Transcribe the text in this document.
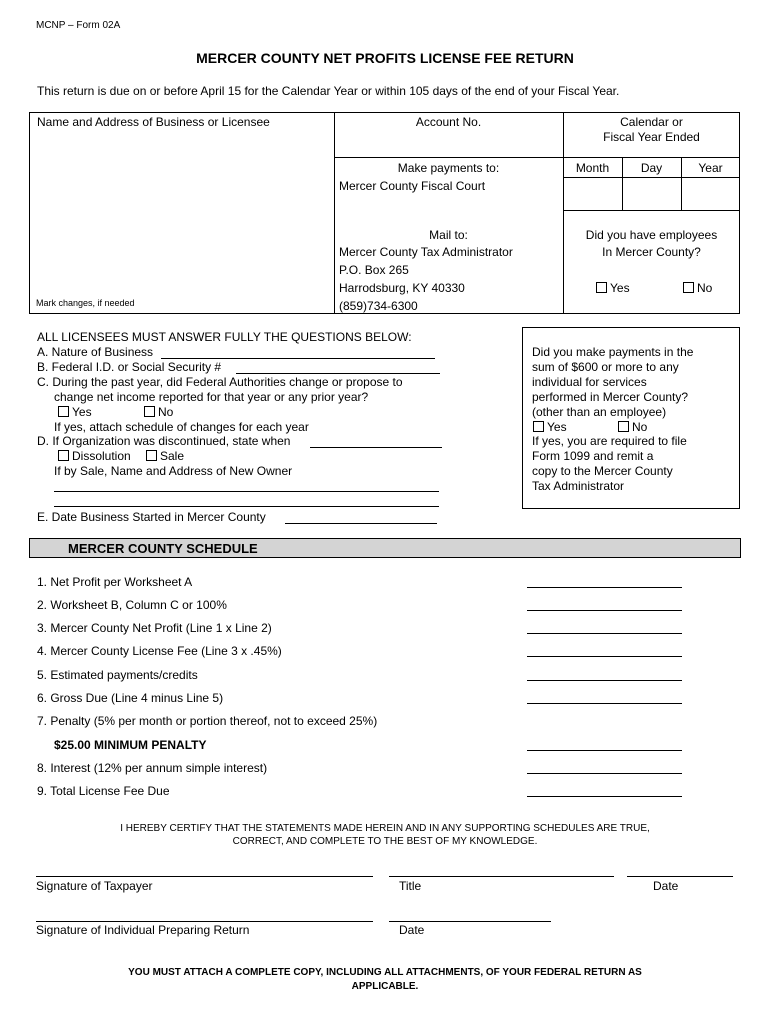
MCNP – Form 02A
MERCER COUNTY NET PROFITS LICENSE FEE RETURN
This return is due on or before April 15 for the Calendar Year or within 105 days of the end of your Fiscal Year.
Name and Address of Business or Licensee
Mark changes, if needed
Account No.	Calendar or
Fiscal Year Ended
Month	Day	Year
Make payments to:
Mercer County Fiscal Court
Mail to:
Mercer County Tax Administrator
P.O. Box 265
Harrodsburg, KY 40330
(859)734-6300
Did you have employees
In Mercer County?
Yes	No
ALL LICENSEES MUST ANSWER FULLY THE QUESTIONS BELOW:
A. Nature of Business
B. Federal I.D. or Social Security #
C. During the past year, did Federal Authorities change or propose to
change net income reported for that year or any prior year?
Yes	No
If yes, attach schedule of changes for each year
D. If Organization was discontinued, state when
Dissolution	Sale
If by Sale, Name and Address of New Owner
E. Date Business Started in Mercer County
Did you make payments in the
sum of $600 or more to any
individual for services
performed in Mercer County?
(other than an employee)
Yes	No
If yes, you are required to file
Form 1099 and remit a
copy to the Mercer County
Tax Administrator
MERCER COUNTY SCHEDULE
1. Net Profit per Worksheet A
2. Worksheet B, Column C or 100%
3. Mercer County Net Profit (Line 1 x Line 2)
4. Mercer County License Fee (Line 3 x .45%)
5. Estimated payments/credits
6. Gross Due (Line 4 minus Line 5)
7. Penalty (5% per month or portion thereof, not to exceed 25%)
$25.00 MINIMUM PENALTY
8. Interest (12% per annum simple interest)
9. Total License Fee Due
I HEREBY CERTIFY THAT THE STATEMENTS MADE HEREIN AND IN ANY SUPPORTING SCHEDULES ARE TRUE,
CORRECT, AND COMPLETE TO THE BEST OF MY KNOWLEDGE.
Signature of Taxpayer	Title	Date
Signature of Individual Preparing Return	Date
YOU MUST ATTACH A COMPLETE COPY, INCLUDING ALL ATTACHMENTS, OF YOUR FEDERAL RETURN AS
APPLICABLE.
